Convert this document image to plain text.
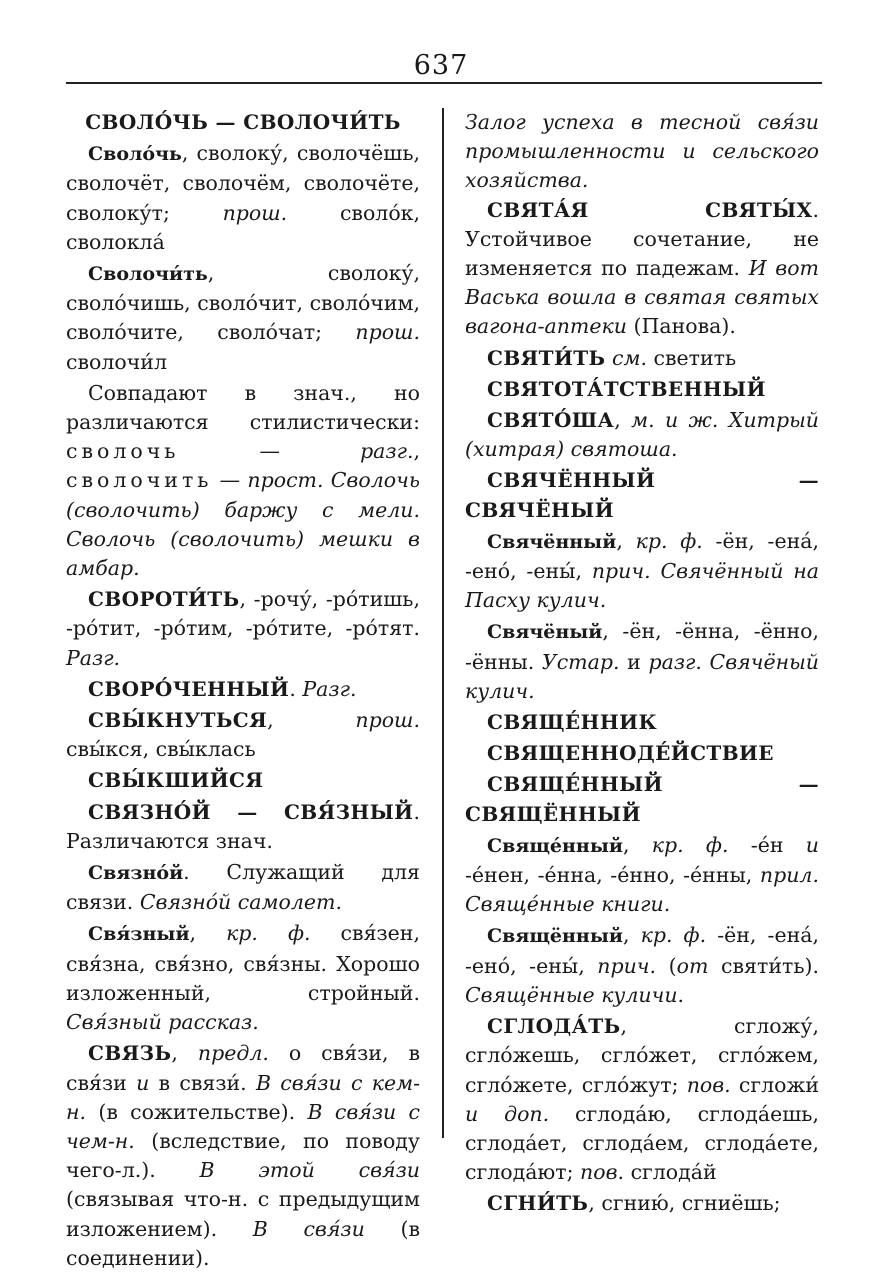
637

СВОЛО́ЧЬ — СВОЛОЧИ́ТЬ

Своло́чь, сволоку́, сволочёшь, сволочёт, сволочём, сволочёте, сволоку́т; прош. своло́к, сволокла́

Сволочи́ть, сволоку́, своло́чишь, своло́чит, своло́чим, своло́чите, своло́чат; прош. сволочи́л

Совпадают в знач., но различаются стилистически: сволочь — разг., сволочить — прост. Сволочь (сволочить) баржу с мели. Сволочь (сволочить) мешки в амбар.

СВОРОТИ́ТЬ, -рочу́, -ро́тишь, -ро́тит, -ро́тим, -ро́тите, -ро́тят. Разг.

СВОРО́ЧЕННЫЙ. Разг.

СВЫ́КНУТЬСЯ, прош. свы́кся, свы́клась

СВЫ́КШИЙСЯ

СВЯЗНО́Й — СВЯ́ЗНЫЙ. Различаются знач.

Связно́й. Служащий для связи. Связно́й самолет.

Свя́зный, кр. ф. свя́зен, свя́зна, свя́зно, свя́зны. Хорошо изложенный, стройный. Свя́зный рассказ.

СВЯЗЬ, предл. о свя́зи, в свя́зи и в связи́. В свя́зи с кем-н. (в сожительстве). В свя́зи с чем-н. (вследствие, по поводу чего-л.). В этой свя́зи (связывая что-н. с предыдущим изложением). В свя́зи (в соединении).

Залог успеха в тесной свя́зи промышленности и сельского хозяйства.

СВЯТА́Я СВЯТЫ́Х. Устойчивое сочетание, не изменяется по падежам. И вот Васька вошла в святая святых вагона-аптеки (Панова).

СВЯТИ́ТЬ см. светить

СВЯТОТА́ТСТВЕННЫЙ

СВЯТО́ША, м. и ж. Хитрый (хитрая) святоша.

СВЯЧЁННЫЙ — СВЯЧЁНЫЙ

Свячённый, кр. ф. -ён, -ена́, -ено́, -ены́, прич. Свячённый на Пасху кулич.

Свячёный, -ён, -ённа, -ённо, -ённы. Устар. и разг. Свячёный кулич.

СВЯЩЕ́ННИК

СВЯЩЕННОДЕ́ЙСТВИЕ

СВЯЩЕ́ННЫЙ — СВЯЩЁННЫЙ

Свяще́нный, кр. ф. -е́н и -е́нен, -е́нна, -е́нно, -е́нны, прил. Свяще́нные книги.

Свящённый, кр. ф. -ён, -ена́, -ено́, -ены́, прич. (от святи́ть). Свящённые куличи.

СГЛОДА́ТЬ, сгложу́, сгло́жешь, сгло́жет, сгло́жем, сгло́жете, сгло́жут; пов. сгложи́ и доп. сглода́ю, сглода́ешь, сглода́ет, сглода́ем, сглода́ете, сглода́ют; пов. сглода́й

СГНИ́ТЬ, сгнию́, сгниёшь;
